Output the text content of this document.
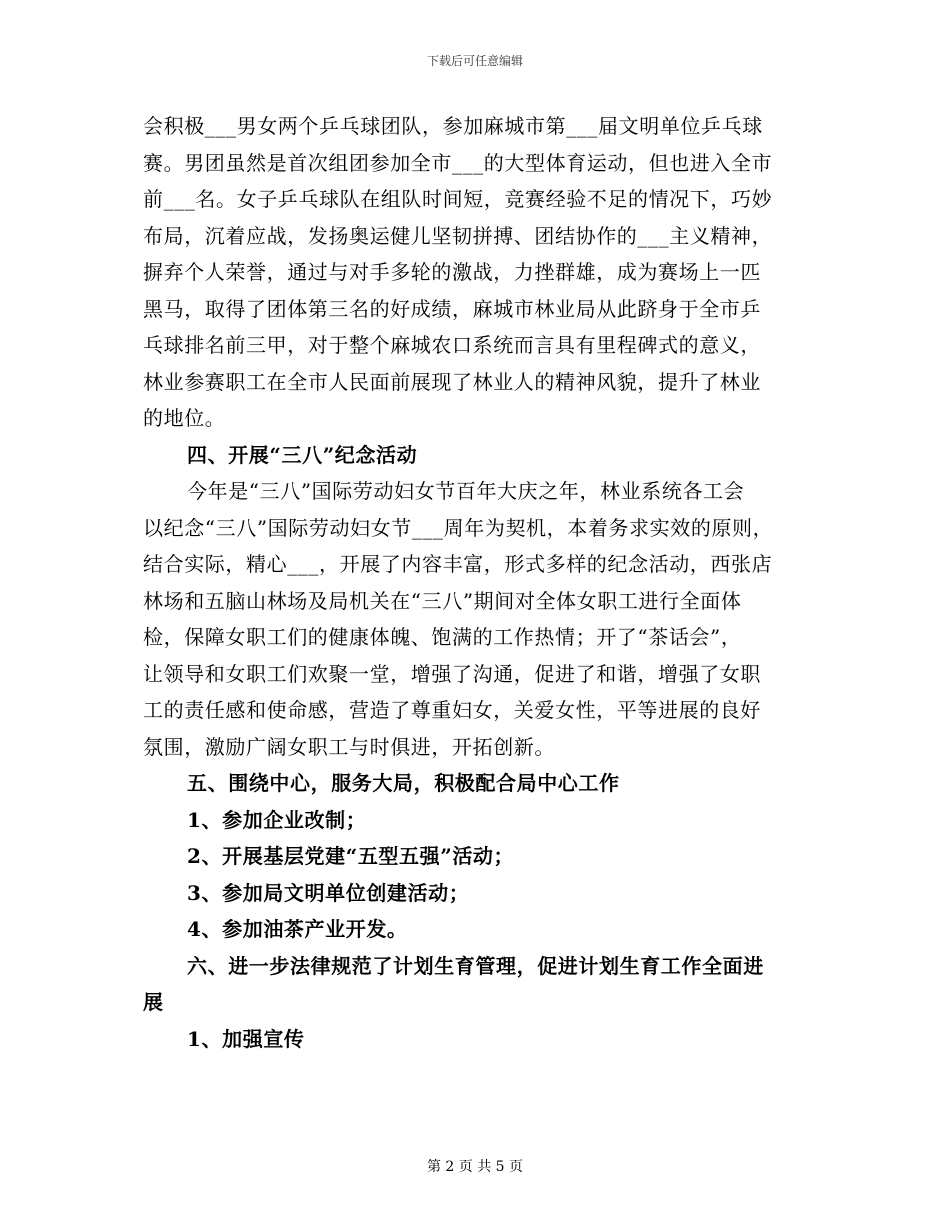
下载后可任意编辑
会积极___男女两个乒乓球团队，参加麻城市第___届文明单位乒乓球
赛。男团虽然是首次组团参加全市___的大型体育运动，但也进入全市
前___名。女子乒乓球队在组队时间短，竞赛经验不足的情况下，巧妙
布局，沉着应战，发扬奥运健儿坚韧拼搏、团结协作的___主义精神，
摒弃个人荣誉，通过与对手多轮的激战，力挫群雄，成为赛场上一匹
黑马，取得了团体第三名的好成绩，麻城市林业局从此跻身于全市乒
乓球排名前三甲，对于整个麻城农口系统而言具有里程碑式的意义，
林业参赛职工在全市人民面前展现了林业人的精神风貌，提升了林业
的地位。
四、开展“三八”纪念活动
今年是“三八”国际劳动妇女节百年大庆之年，林业系统各工会
以纪念“三八”国际劳动妇女节___周年为契机，本着务求实效的原则，
结合实际，精心___，开展了内容丰富，形式多样的纪念活动，西张店
林场和五脑山林场及局机关在“三八”期间对全体女职工进行全面体
检，保障女职工们的健康体魄、饱满的工作热情；开了“茶话会”，
让领导和女职工们欢聚一堂，增强了沟通，促进了和谐，增强了女职
工的责任感和使命感，营造了尊重妇女，关爱女性，平等进展的良好
氛围，激励广阔女职工与时俱进，开拓创新。
五、围绕中心，服务大局，积极配合局中心工作
1、参加企业改制；
2、开展基层党建“五型五强”活动；
3、参加局文明单位创建活动；
4、参加油茶产业开发。
六、进一步法律规范了计划生育管理，促进计划生育工作全面进
展
1、加强宣传
第 2 页 共 5 页
